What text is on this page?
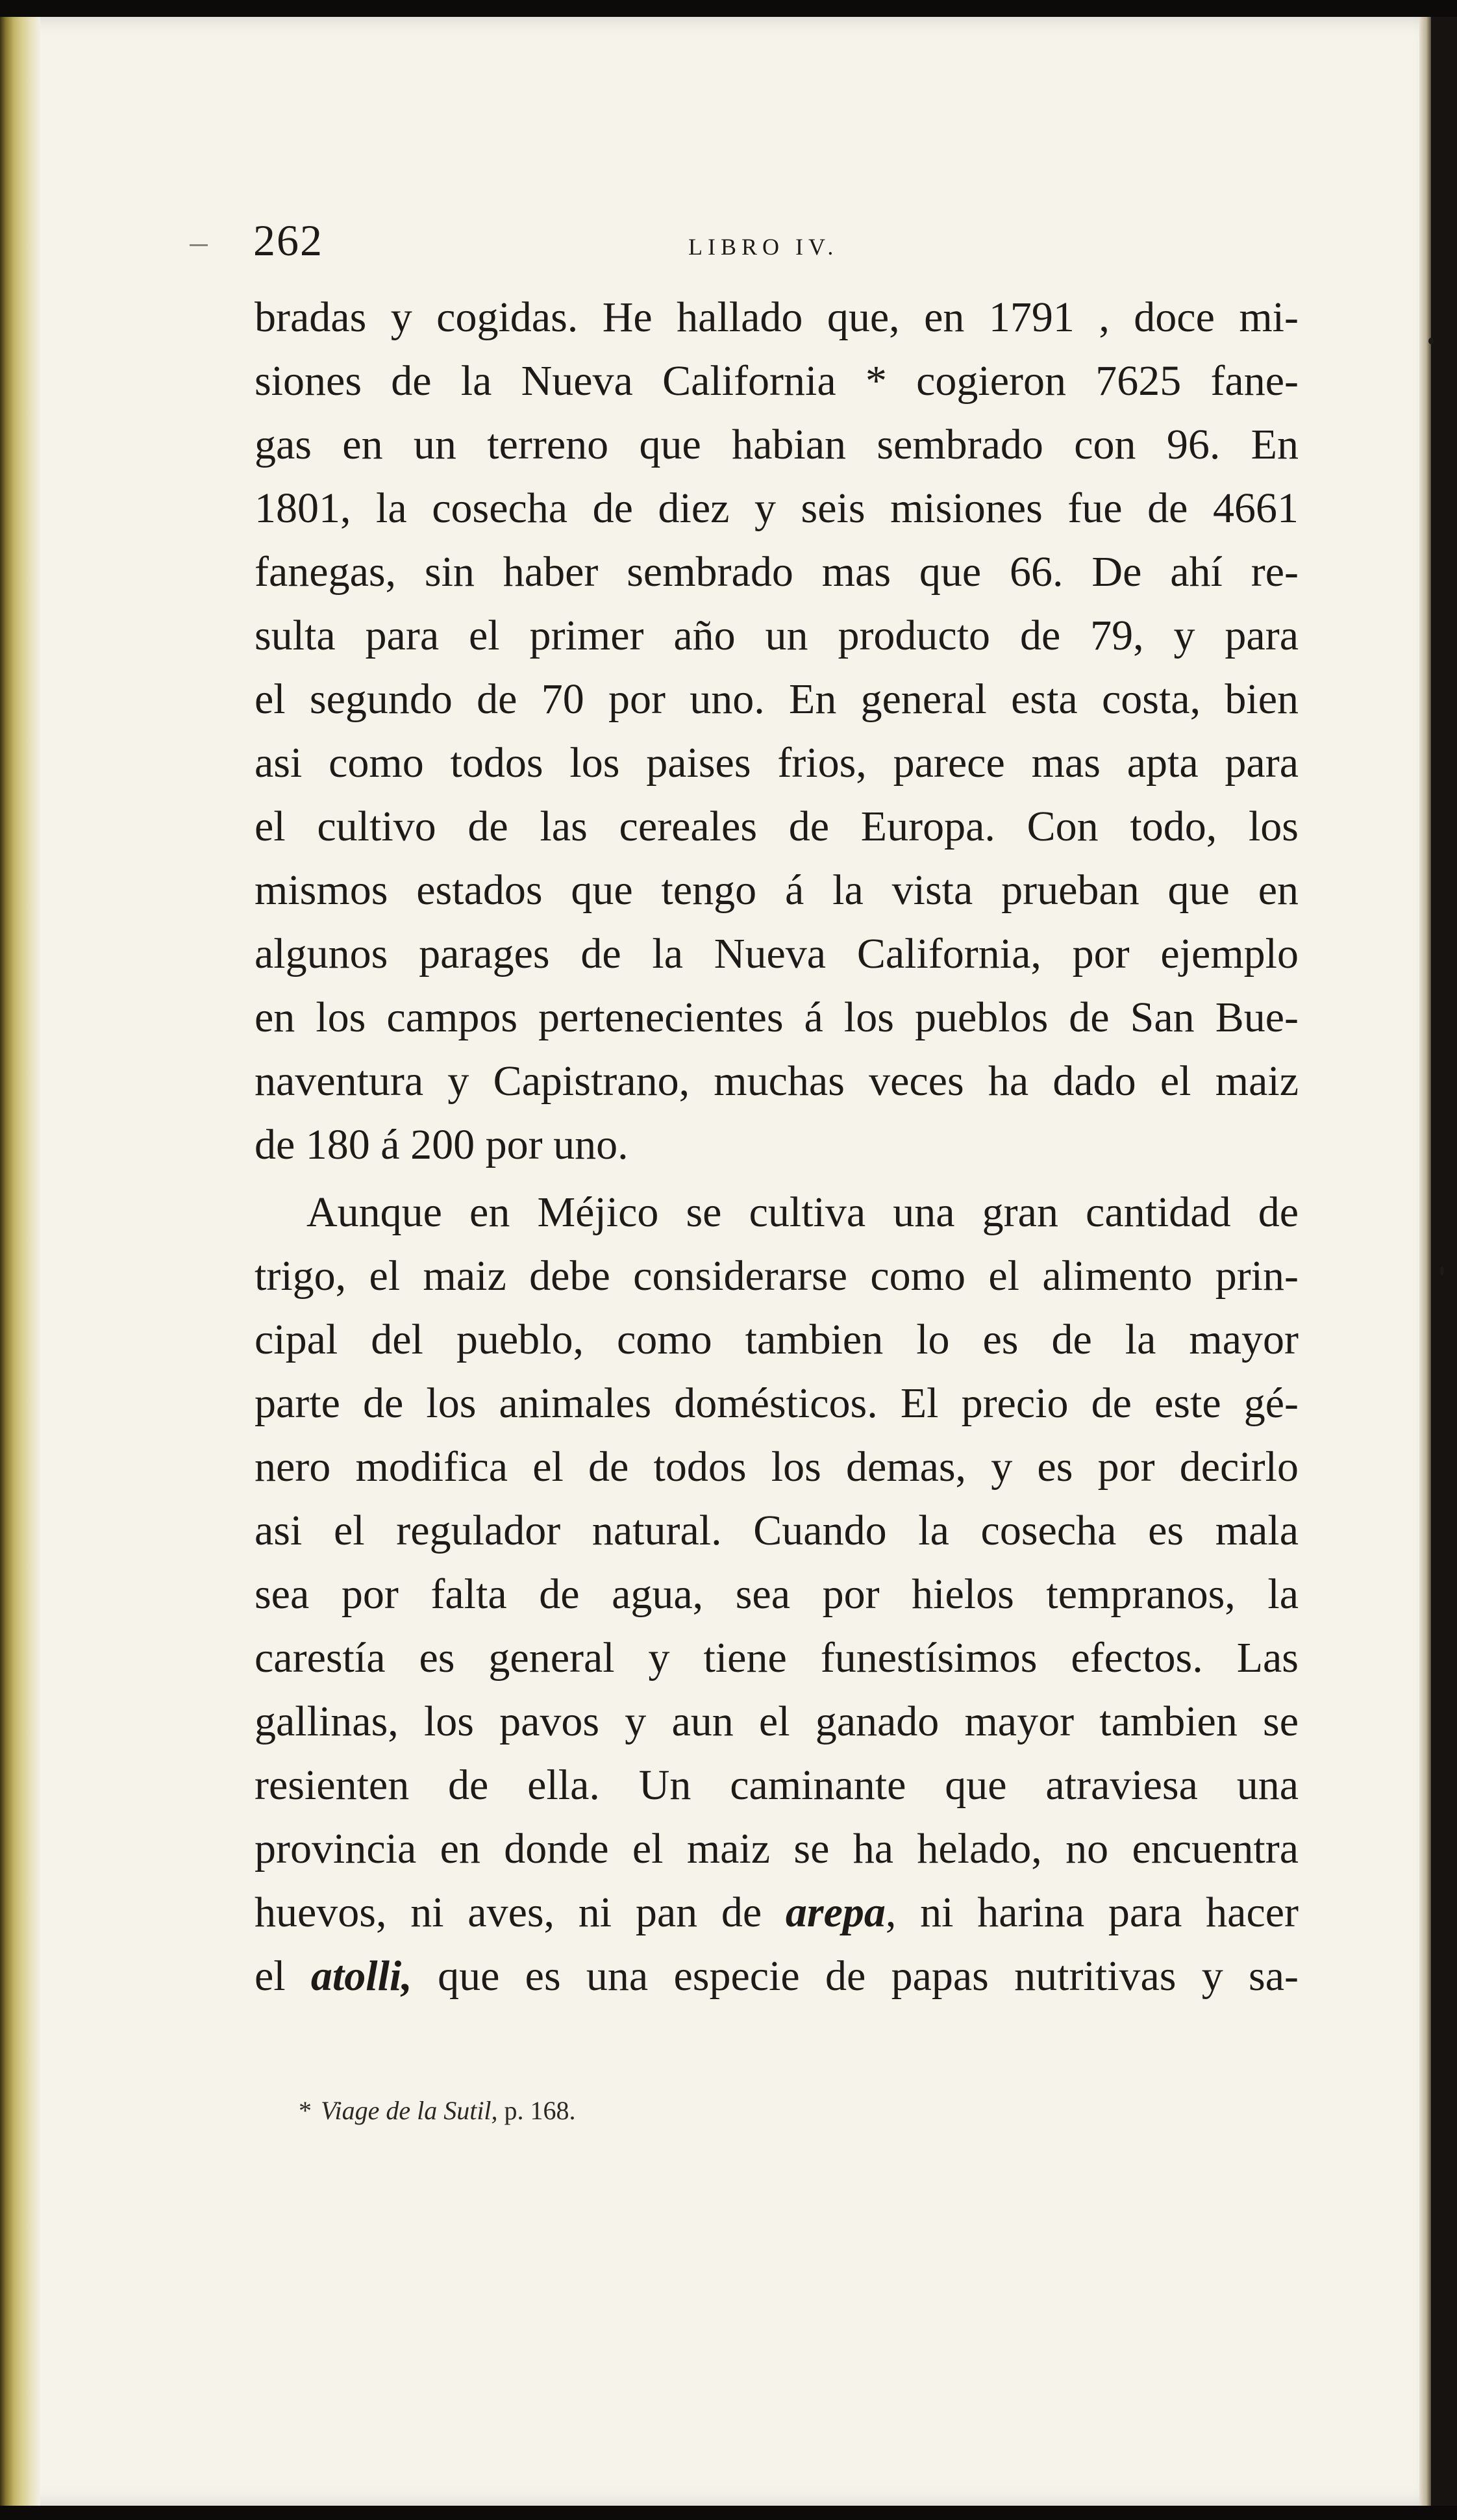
262	LIBRO IV.
bradas y cogidas. He hallado que, en 1791 , doce mi-
siones de la Nueva California * cogieron 7625 fane-
gas en un terreno que habian sembrado con 96. En
1801, la cosecha de diez y seis misiones fue de 4661
fanegas, sin haber sembrado mas que 66. De ahí re-
sulta para el primer año un producto de 79, y para
el segundo de 70 por uno. En general esta costa, bien
asi como todos los paises frios, parece mas apta para
el cultivo de las cereales de Europa. Con todo, los
mismos estados que tengo á la vista prueban que en
algunos parages de la Nueva California, por ejemplo
en los campos pertenecientes á los pueblos de San Bue-
naventura y Capistrano, muchas veces ha dado el maiz
de 180 á 200 por uno.
Aunque en Méjico se cultiva una gran cantidad de
trigo, el maiz debe considerarse como el alimento prin-
cipal del pueblo, como tambien lo es de la mayor
parte de los animales domésticos. El precio de este gé-
nero modifica el de todos los demas, y es por decirlo
asi el regulador natural. Cuando la cosecha es mala
sea por falta de agua, sea por hielos tempranos, la
carestía es general y tiene funestísimos efectos. Las
gallinas, los pavos y aun el ganado mayor tambien se
resienten de ella. Un caminante que atraviesa una
provincia en donde el maiz se ha helado, no encuentra
huevos, ni aves, ni pan de arepa, ni harina para hacer
el atolli, que es una especie de papas nutritivas y sa-
* Viage de la Sutil, p. 168.
